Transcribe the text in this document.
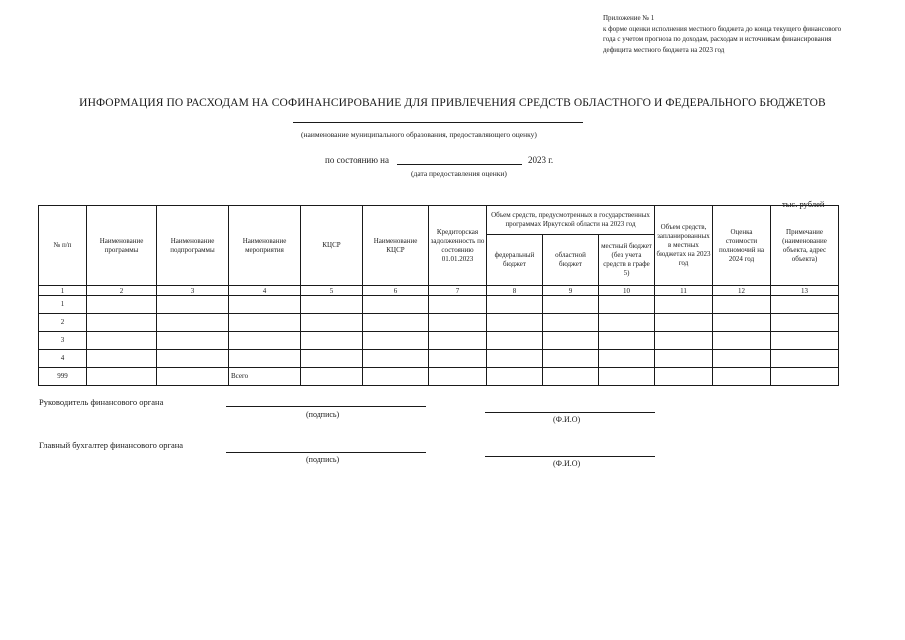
Приложение № 1
к форме оценки исполнения местного бюджета до конца текущего финансового года с учетом прогноза по доходам, расходам и источникам финансирования дефицита местного бюджета на 2023 год
ИНФОРМАЦИЯ ПО РАСХОДАМ НА СОФИНАНСИРОВАНИЕ ДЛЯ ПРИВЛЕЧЕНИЯ СРЕДСТВ ОБЛАСТНОГО И ФЕДЕРАЛЬНОГО БЮДЖЕТОВ
(наименование муниципального образования, предоставляющего оценку)
по состоянию на	2023 г.
(дата предоставления оценки)
тыс. рублей
№ п/п	Наименование программы	Наименование подпрограммы	Наименование мероприятия	КЦСР	Наименование КЦСР	Кредиторская задолженность по состоянию 01.01.2023	Объем средств, предусмотренных в государственных программах Иркутской области на 2023 год			Объем средств, запланированных в местных бюджетах на 2023 год	Оценка стоимости полномочий на 2024 год	Примечание (наименование объекта, адрес объекта)
							федеральный бюджет	областной бюджет	местный бюджет (без учета средств в графе 5)			
1	2	3	4	5	6	7	8	9	10	11	12	13
1												
2												
3												
4												
999			Всего									
Руководитель финансового органа
(подпись)
(Ф.И.О)
Главный бухгалтер финансового органа
(подпись)	(Ф.И.О)
